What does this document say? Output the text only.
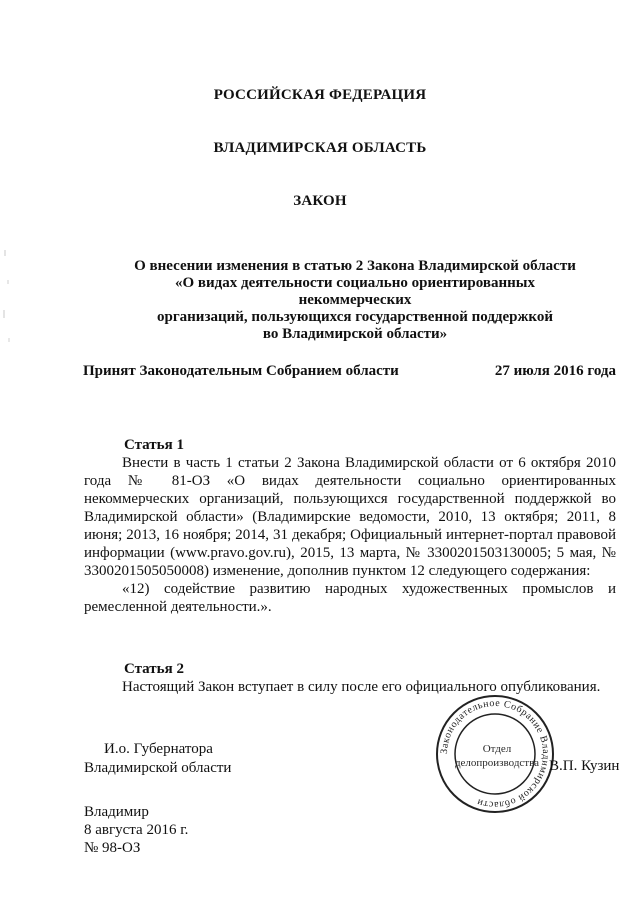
РОССИЙСКАЯ ФЕДЕРАЦИЯ
ВЛАДИМИРСКАЯ ОБЛАСТЬ
ЗАКОН
О внесении изменения в статью 2 Закона Владимирской области
«О видах деятельности социально ориентированных некоммерческих
организаций, пользующихся государственной поддержкой
во Владимирской области»
Принят Законодательным Собранием области	27 июля 2016 года
Статья 1

Внести в часть 1 статьи 2 Закона Владимирской области от 6 октября 2010 года № 81-ОЗ «О видах деятельности социально ориентированных некоммерческих организаций, пользующихся государственной поддержкой во Владимирской области» (Владимирские ведомости, 2010, 13 октября; 2011, 8 июня; 2013, 16 ноября; 2014, 31 декабря; Официальный интернет-портал правовой информации (www.pravo.gov.ru), 2015, 13 марта, № 3300201503130005; 5 мая, № 3300201505050008) изменение, дополнив пунктом 12 следующего содержания:

«12) содействие развитию народных художественных промыслов и ремесленной деятельности.».

Статья 2

Настоящий Закон вступает в силу после его официального опубликования.

И.о. Губернатора
Владимирской области
Законодательное Собрание Владимирской области
Отдел
делопроизводства В.П. Кузин
Владимир
8 августа 2016 г.
№ 98-ОЗ
